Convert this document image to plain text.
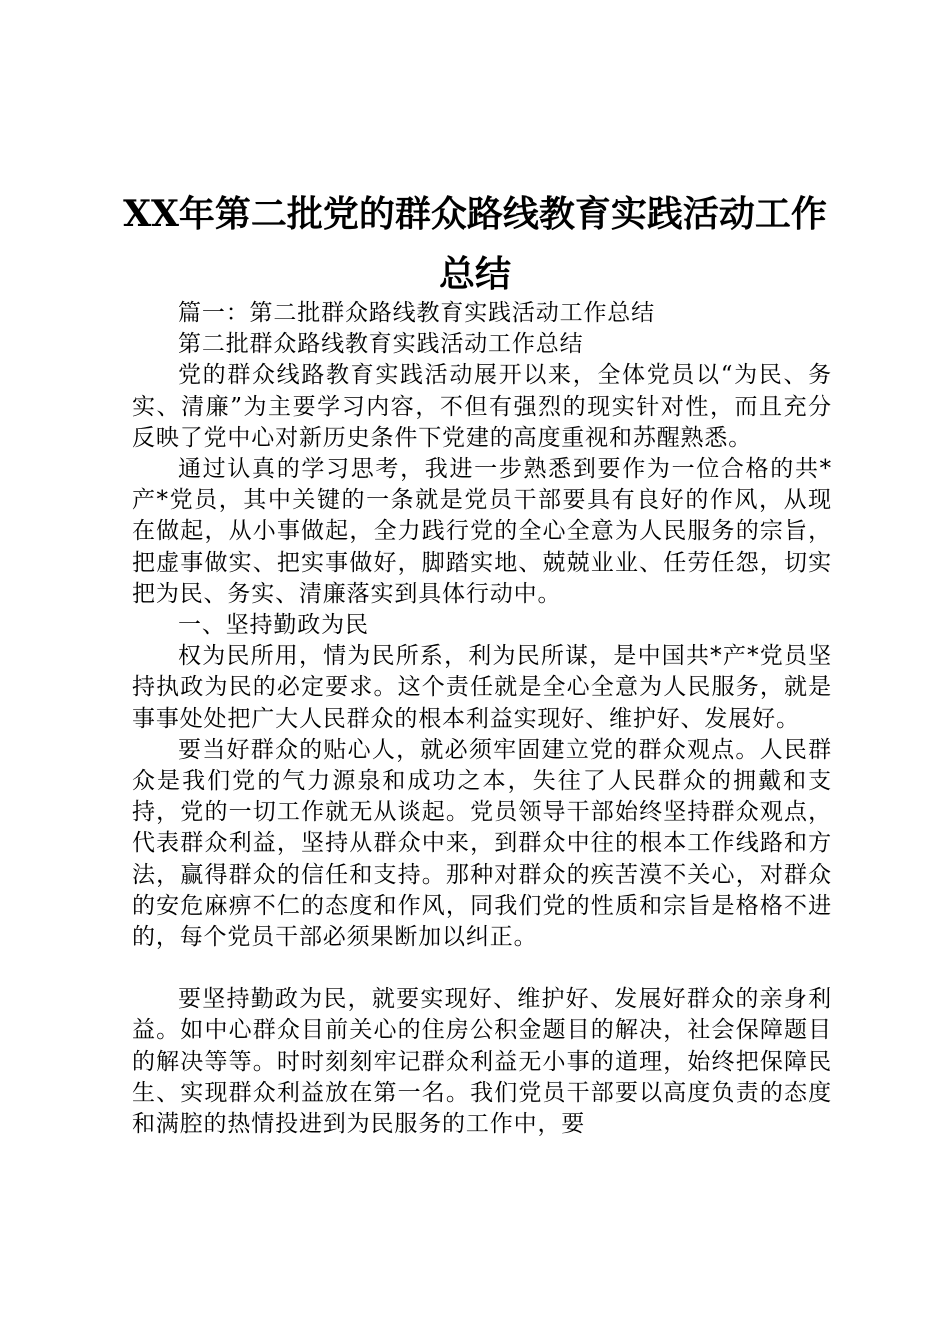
XX年第二批党的群众路线教育实践活动工作
总结

篇一：第二批群众路线教育实践活动工作总结

第二批群众路线教育实践活动工作总结

党的群众线路教育实践活动展开以来，全体党员以“为民、务实、清廉”为主要学习内容，不但有强烈的现实针对性，而且充分反映了党中心对新历史条件下党建的高度重视和苏醒熟悉。

通过认真的学习思考，我进一步熟悉到要作为一位合格的共*产*党员，其中关键的一条就是党员干部要具有良好的作风，从现在做起，从小事做起，全力践行党的全心全意为人民服务的宗旨，把虚事做实、把实事做好，脚踏实地、兢兢业业、任劳任怨，切实把为民、务实、清廉落实到具体行动中。

一、坚持勤政为民

权为民所用，情为民所系，利为民所谋，是中国共*产*党员坚持执政为民的必定要求。这个责任就是全心全意为人民服务，就是事事处处把广大人民群众的根本利益实现好、维护好、发展好。

要当好群众的贴心人，就必须牢固建立党的群众观点。人民群众是我们党的气力源泉和成功之本，失往了人民群众的拥戴和支持，党的一切工作就无从谈起。党员领导干部始终坚持群众观点，代表群众利益，坚持从群众中来，到群众中往的根本工作线路和方法，赢得群众的信任和支持。那种对群众的疾苦漠不关心，对群众的安危麻痹不仁的态度和作风，同我们党的性质和宗旨是格格不进的，每个党员干部必须果断加以纠正。

要坚持勤政为民，就要实现好、维护好、发展好群众的亲身利益。如中心群众目前关心的住房公积金题目的解决，社会保障题目的解决等等。时时刻刻牢记群众利益无小事的道理，始终把保障民生、实现群众利益放在第一名。我们党员干部要以高度负责的态度和满腔的热情投进到为民服务的工作中，要
